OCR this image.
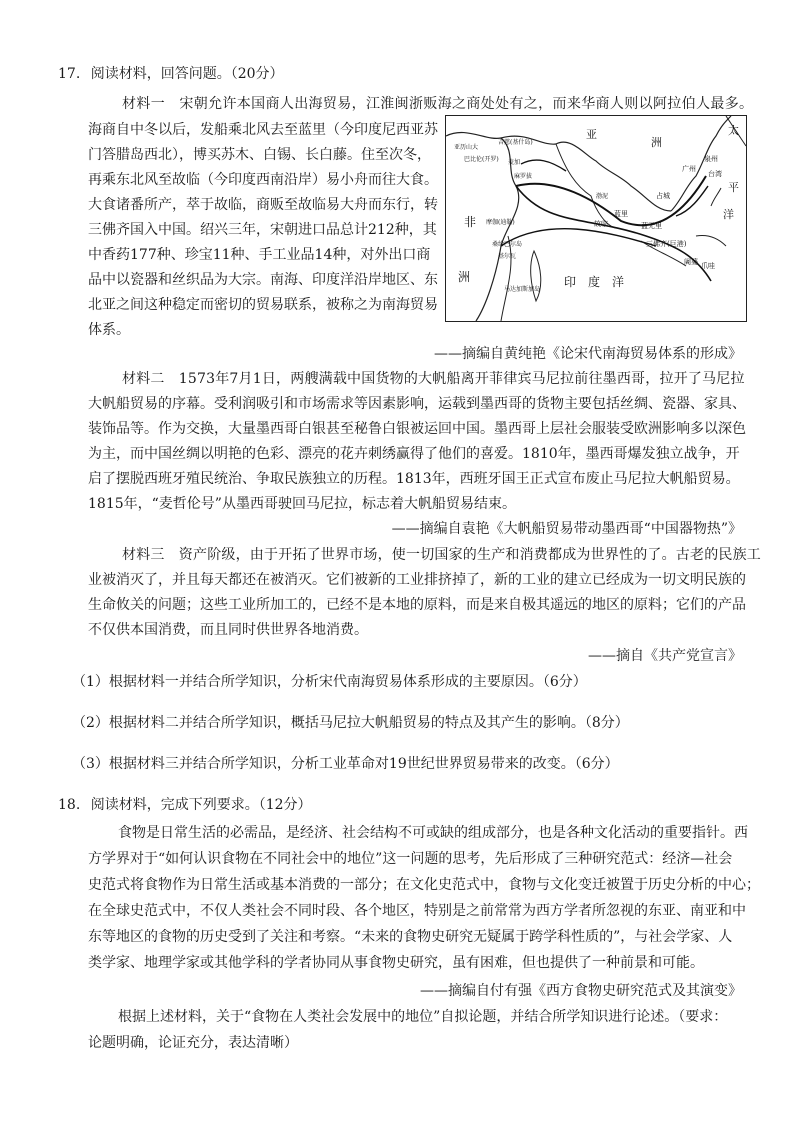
17. 阅读材料，回答问题。（20分）
材料一　宋朝允许本国商人出海贸易，江淮闽浙贩海之商处处有之，而来华商人则以阿拉伯人最多。
海商自中冬以后，发船乘北风去至蓝里（今印度尼西亚苏
门答腊岛西北），博买苏木、白锡、长白藤。住至次冬，
再乘东北风至故临（今印度西南沿岸）易小舟而往大食。
大食诸番所产，萃于故临，商贩至故临易大舟而东行，转
三佛齐国入中国。绍兴三年，宋朝进口品总计212种，其
中香药177种、珍宝11种、手工业品14种，对外出口商
品中以瓷器和丝织品为大宗。南海、印度洋沿岸地区、东
北亚之间这种稳定而密切的贸易联系，被称之为南海贸易
体系。
亚
洲
太
平
洋
非
洲	印　度　洋
亚历山大
吉慈(基什岛)
巴比伦(开罗) 麦加
麻罗拔
泉州
广州
台湾
占城
渤泥
蓝里
故临	蓝无里
三佛齐(巨港)
阇婆 爪哇
摩伽(迪勒)
桑给巴尔岛
基尔瓦
马达加斯加岛
——摘编自黄纯艳《论宋代南海贸易体系的形成》
材料二　1573年7月1日，两艘满载中国货物的大帆船离开菲律宾马尼拉前往墨西哥，拉开了马尼拉
大帆船贸易的序幕。受利润吸引和市场需求等因素影响，运载到墨西哥的货物主要包括丝绸、瓷器、家具、
装饰品等。作为交换，大量墨西哥白银甚至秘鲁白银被运回中国。墨西哥上层社会服装受欧洲影响多以深色
为主，而中国丝绸以明艳的色彩、漂亮的花卉刺绣赢得了他们的喜爱。1810年，墨西哥爆发独立战争，开
启了摆脱西班牙殖民统治、争取民族独立的历程。1813年，西班牙国王正式宣布废止马尼拉大帆船贸易。
1815年，“麦哲伦号”从墨西哥驶回马尼拉，标志着大帆船贸易结束。
——摘编自袁艳《大帆船贸易带动墨西哥“中国器物热”》
材料三　资产阶级，由于开拓了世界市场，使一切国家的生产和消费都成为世界性的了。古老的民族工
业被消灭了，并且每天都还在被消灭。它们被新的工业排挤掉了，新的工业的建立已经成为一切文明民族的
生命攸关的问题；这些工业所加工的，已经不是本地的原料，而是来自极其遥远的地区的原料；它们的产品
不仅供本国消费，而且同时供世界各地消费。
——摘自《共产党宣言》
（1）根据材料一并结合所学知识，分析宋代南海贸易体系形成的主要原因。（6分）
（2）根据材料二并结合所学知识，概括马尼拉大帆船贸易的特点及其产生的影响。（8分）
（3）根据材料三并结合所学知识，分析工业革命对19世纪世界贸易带来的改变。（6分）
18. 阅读材料，完成下列要求。（12分）
食物是日常生活的必需品，是经济、社会结构不可或缺的组成部分，也是各种文化活动的重要指针。西
方学界对于“如何认识食物在不同社会中的地位”这一问题的思考，先后形成了三种研究范式：经济—社会
史范式将食物作为日常生活或基本消费的一部分；在文化史范式中，食物与文化变迁被置于历史分析的中心；
在全球史范式中，不仅人类社会不同时段、各个地区，特别是之前常常为西方学者所忽视的东亚、南亚和中
东等地区的食物的历史受到了关注和考察。“未来的食物史研究无疑属于跨学科性质的”，与社会学家、人
类学家、地理学家或其他学科的学者协同从事食物史研究，虽有困难，但也提供了一种前景和可能。
——摘编自付有强《西方食物史研究范式及其演变》
根据上述材料，关于“食物在人类社会发展中的地位”自拟论题，并结合所学知识进行论述。（要求：
论题明确，论证充分，表达清晰）
